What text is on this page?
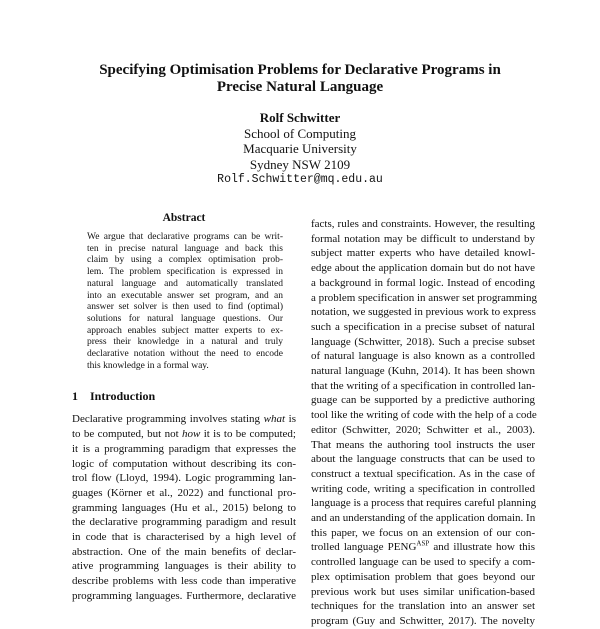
Specifying Optimisation Problems for Declarative Programs in
Precise Natural Language
Rolf Schwitter
School of Computing
Macquarie University
Sydney NSW 2109
Rolf.Schwitter@mq.edu.au
Abstract
We argue that declarative programs can be writ-
ten in precise natural language and back this
claim by using a complex optimisation prob-
lem. The problem specification is expressed in
natural language and automatically translated
into an executable answer set program, and an
answer set solver is then used to find (optimal)
solutions for natural language questions. Our
approach enables subject matter experts to ex-
press their knowledge in a natural and truly
declarative notation without the need to encode
this knowledge in a formal way.
1 Introduction
Declarative programming involves stating what is
to be computed, but not how it is to be computed;
it is a programming paradigm that expresses the
logic of computation without describing its con-
trol flow (Lloyd, 1994). Logic programming lan-
guages (Körner et al., 2022) and functional pro-
gramming languages (Hu et al., 2015) belong to
the declarative programming paradigm and result
in code that is characterised by a high level of
abstraction. One of the main benefits of declar-
ative programming languages is their ability to
describe problems with less code than imperative
programming languages. Furthermore, declarative
facts, rules and constraints. However, the resulting
formal notation may be difficult to understand by
subject matter experts who have detailed knowl-
edge about the application domain but do not have
a background in formal logic. Instead of encoding
a problem specification in answer set programming
notation, we suggested in previous work to express
such a specification in a precise subset of natural
language (Schwitter, 2018). Such a precise subset
of natural language is also known as a controlled
natural language (Kuhn, 2014). It has been shown
that the writing of a specification in controlled lan-
guage can be supported by a predictive authoring
tool like the writing of code with the help of a code
editor (Schwitter, 2020; Schwitter et al., 2003).
That means the authoring tool instructs the user
about the language constructs that can be used to
construct a textual specification. As in the case of
writing code, writing a specification in controlled
language is a process that requires careful planning
and an understanding of the application domain. In
this paper, we focus on an extension of our con-
trolled language $PENG^{ASP}$ and illustrate how this
controlled language can be used to specify a com-
plex optimisation problem that goes beyond our
previous work but uses similar unification-based
techniques for the translation into an answer set
program (Guy and Schwitter, 2017). The novelty
